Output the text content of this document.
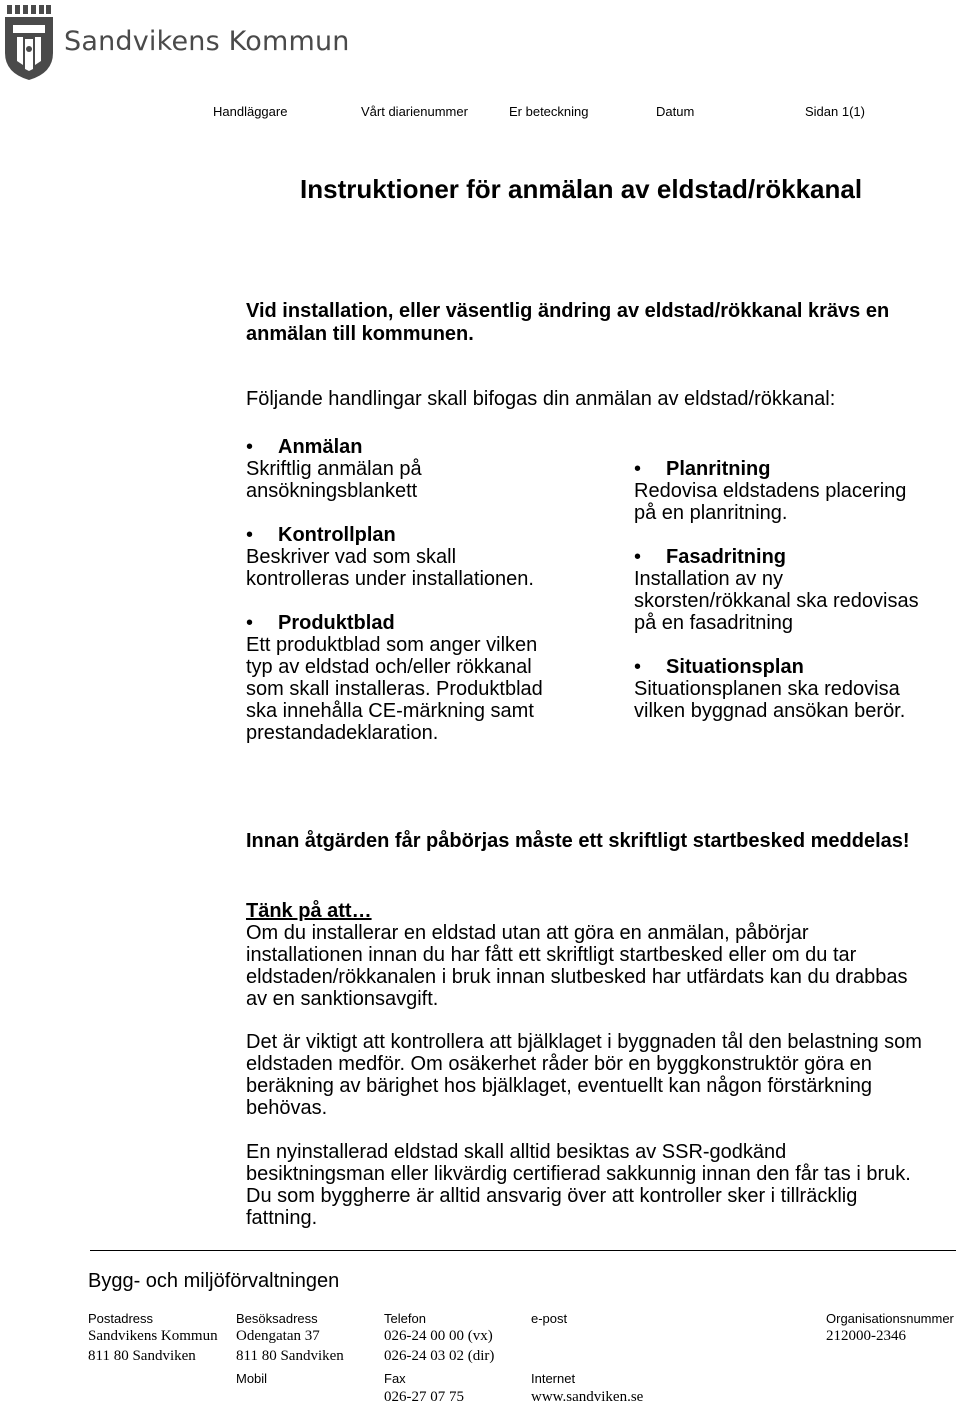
Sandvikens Kommun
Handläggare	Vårt diarienummer	Er beteckning	Datum	Sidan 1(1)
Instruktioner för anmälan av eldstad/rökkanal
Vid installation, eller väsentlig ändring av eldstad/rökkanal krävs en anmälan till kommunen.
Följande handlingar skall bifogas din anmälan av eldstad/rökkanal:
•	Anmälan
Skriftlig anmälan på ansökningsblankett
•	Kontrollplan
Beskriver vad som skall kontrolleras under installationen.
•	Produktblad
Ett produktblad som anger vilken typ av eldstad och/eller rökkanal som skall installeras. Produktblad ska innehålla CE-märkning samt prestandadeklaration.
•	Planritning
Redovisa eldstadens placering på en planritning.
•	Fasadritning
Installation av ny skorsten/rökkanal ska redovisas på en fasadritning
•	Situationsplan
Situationsplanen ska redovisa vilken byggnad ansökan berör.
Innan åtgärden får påbörjas måste ett skriftligt startbesked meddelas!
Tänk på att…
Om du installerar en eldstad utan att göra en anmälan, påbörjar installationen innan du har fått ett skriftligt startbesked eller om du tar eldstaden/rökkanalen i bruk innan slutbesked har utfärdats kan du drabbas av en sanktionsavgift.
Det är viktigt att kontrollera att bjälklaget i byggnaden tål den belastning som eldstaden medför. Om osäkerhet råder bör en byggkonstruktör göra en beräkning av bärighet hos bjälklaget, eventuellt kan någon förstärkning behövas.
En nyinstallerad eldstad skall alltid besiktas av SSR-godkänd besiktningsman eller likvärdig certifierad sakkunnig innan den får tas i bruk. Du som byggherre är alltid ansvarig över att kontroller sker i tillräcklig fattning.
Bygg- och miljöförvaltningen
Postadress
Sandvikens Kommun
811 80 Sandviken
Besöksadress
Odengatan 37
811 80 Sandviken
Mobil
Telefon
026-24 00 00 (vx)
026-24 03 02 (dir)
Fax
026-27 07 75
e-post
Internet
www.sandviken.se
Organisationsnummer
212000-2346
